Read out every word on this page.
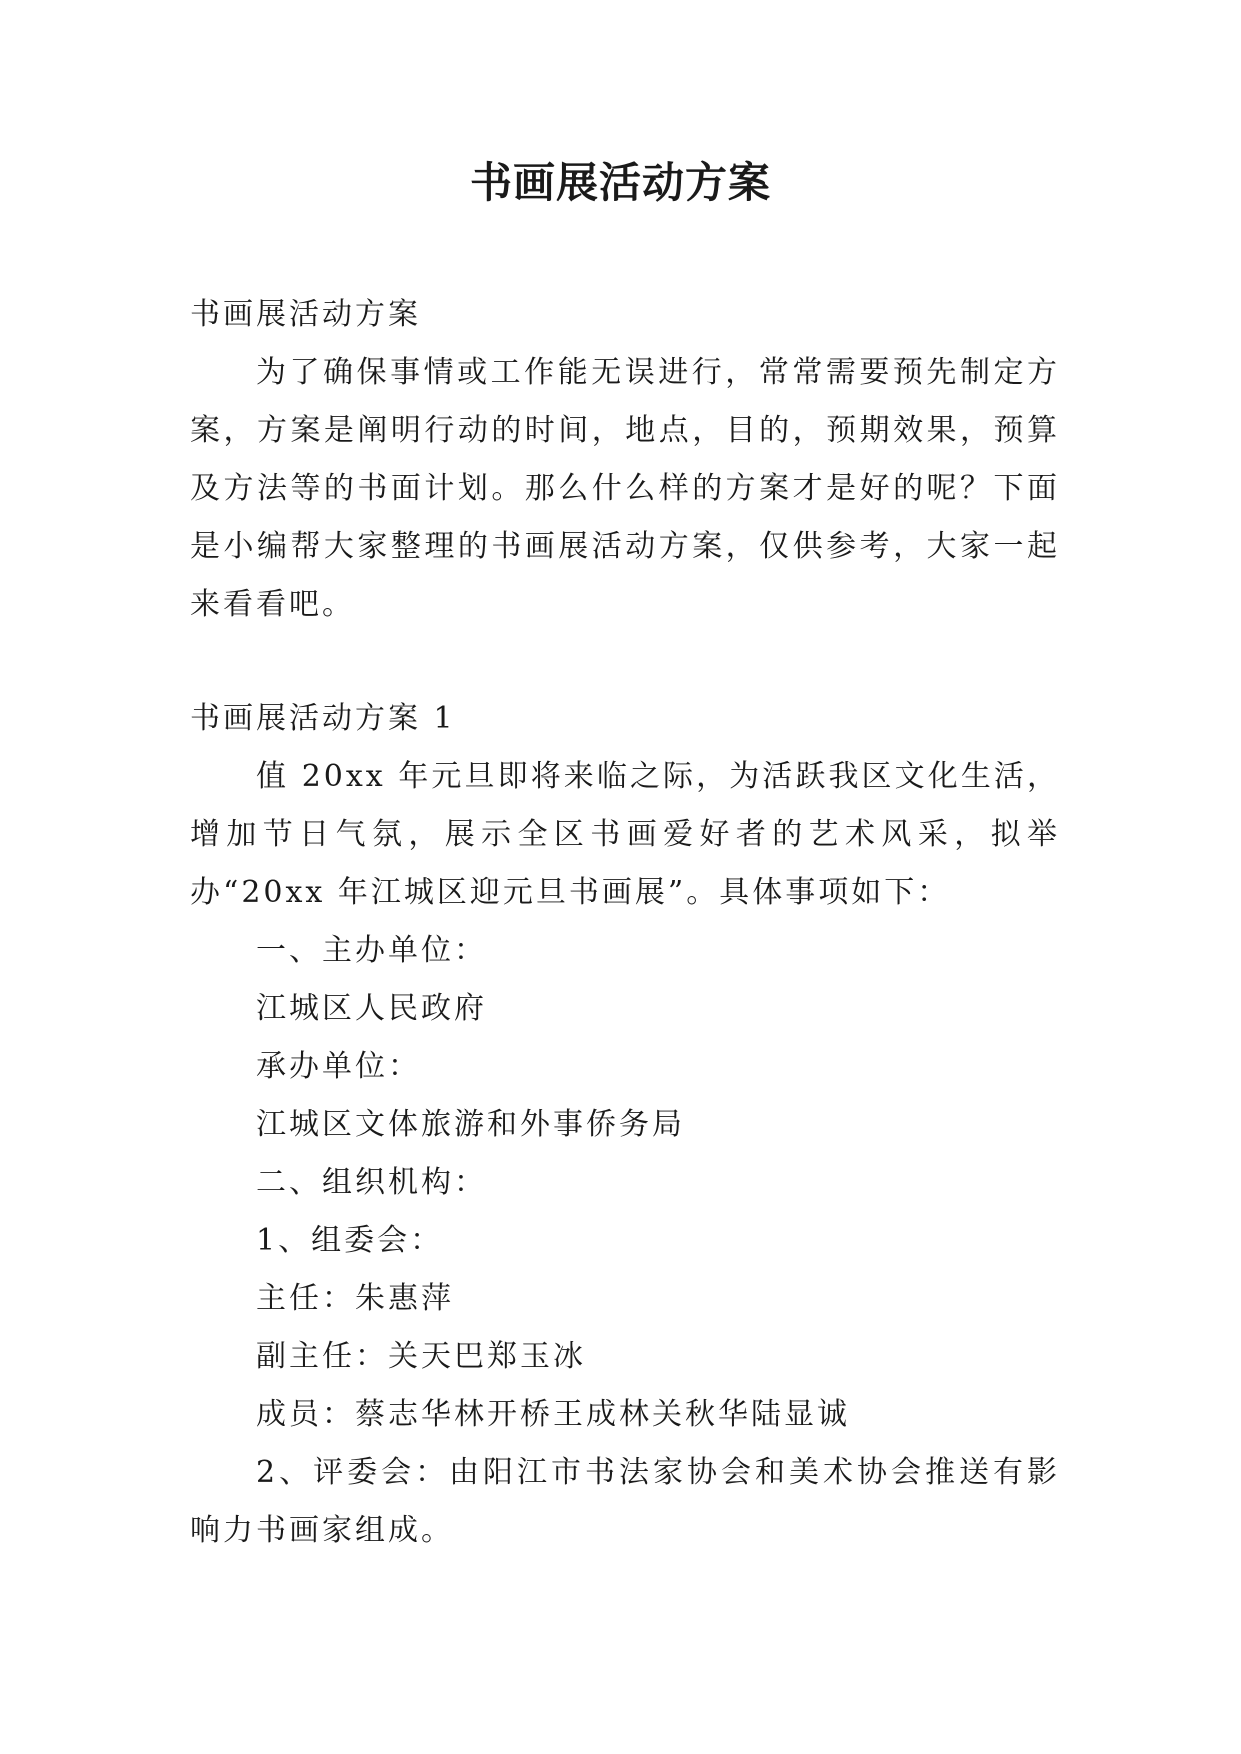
书画展活动方案

书画展活动方案

为了确保事情或工作能无误进行，常常需要预先制定方案，方案是阐明行动的时间，地点，目的，预期效果，预算及方法等的书面计划。那么什么样的方案才是好的呢？下面是小编帮大家整理的书画展活动方案，仅供参考，大家一起来看看吧。

书画展活动方案 1

值 20xx 年元旦即将来临之际，为活跃我区文化生活，增加节日气氛，展示全区书画爱好者的艺术风采，拟举办“20xx 年江城区迎元旦书画展”。具体事项如下：

一、主办单位：

江城区人民政府

承办单位：

江城区文体旅游和外事侨务局

二、组织机构：

1、组委会：

主任：朱惠萍

副主任：关天巴郑玉冰

成员：蔡志华林开桥王成林关秋华陆显诚

2、评委会：由阳江市书法家协会和美术协会推送有影响力书画家组成。
